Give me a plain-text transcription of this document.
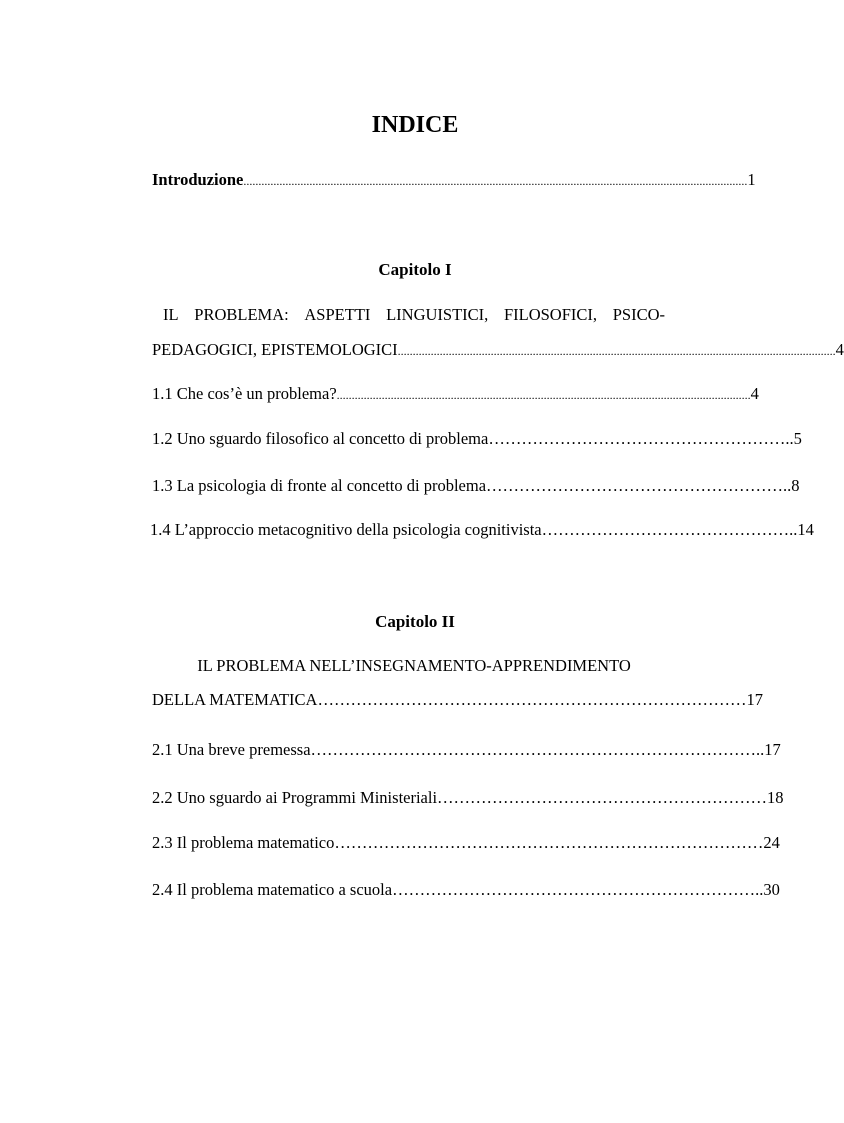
INDICE
Introduzione ........................................................................................................................................................................ 1
Capitolo I
IL PROBLEMA: ASPETTI LINGUISTICI, FILOSOFICI, PSICO-
PEDAGOGICI, EPISTEMOLOGICI .................................................................................................................................................. 4
1.1 Che cos’è un problema? .......................................................................................................................................... 4
1.2 Uno sguardo filosofico al concetto di problema ……………………………………………….. 5
1.3 La psicologia di fronte al concetto di problema ……………………………………………….. 8
1.4 L’approccio metacognitivo della psicologia cognitivista ……………………………………….. 14
Capitolo II
IL PROBLEMA NELL’INSEGNAMENTO-APPRENDIMENTO
DELLA MATEMATICA …………………………………………………………………… 17
2.1 Una breve premessa ……………………………………………………………………….. 17
2.2 Uno sguardo ai Programmi Ministeriali …………………………………………………… 18
2.3 Il problema matematico …………………………………………………………………… 24
2.4 Il problema matematico a scuola ………………………………………………………….. 30
